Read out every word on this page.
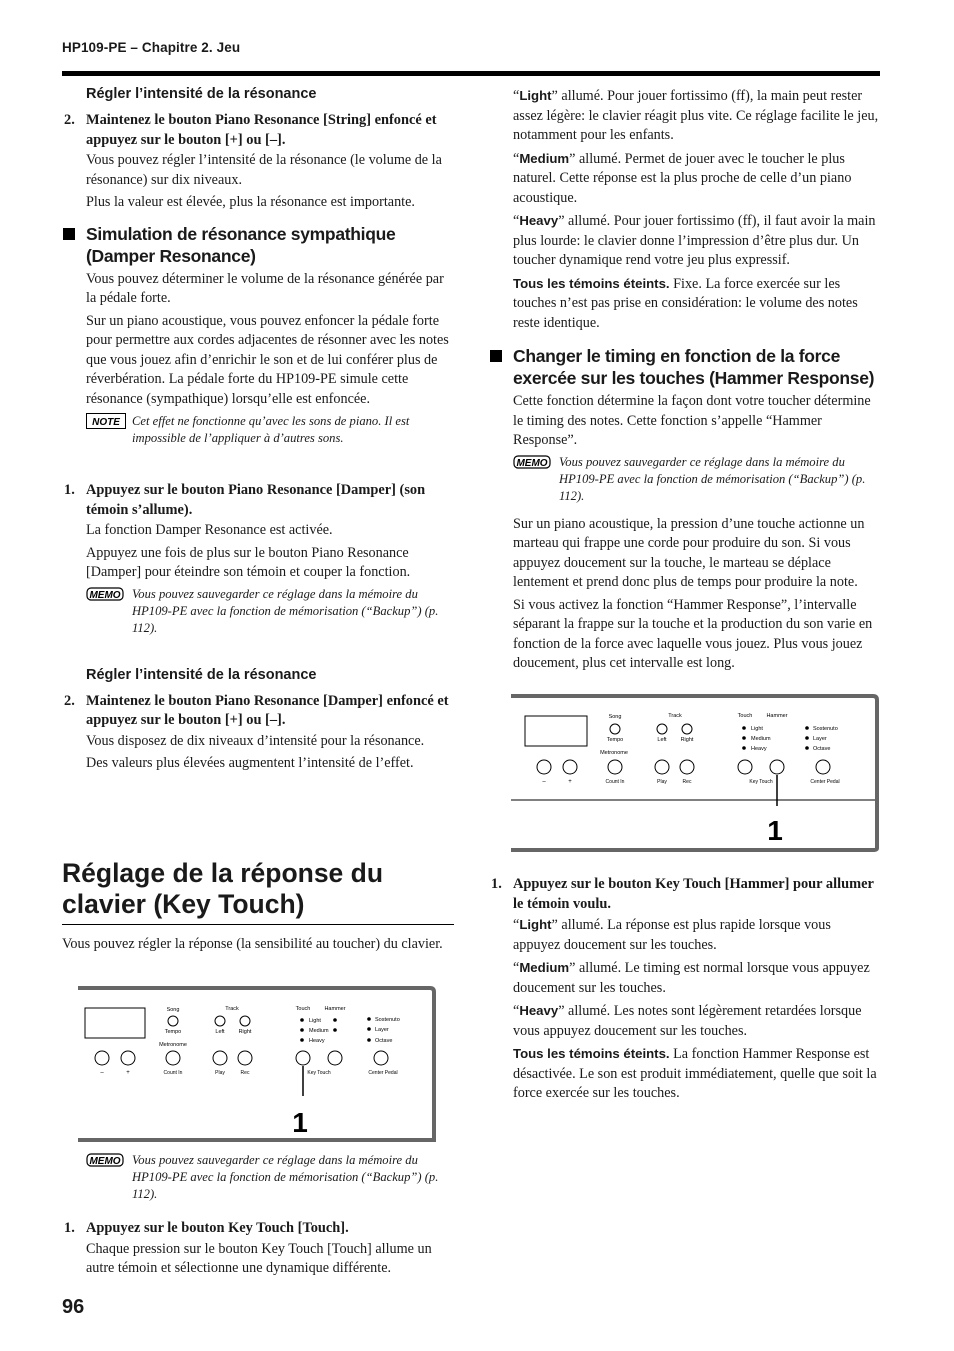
HP109-PE – Chapitre 2. Jeu
Régler l’intensité de la résonance
2. Maintenez le bouton Piano Resonance [String] enfoncé et appuyez sur le bouton [+] ou [–].

Vous pouvez régler l’intensité de la résonance (le volume de la résonance) sur dix niveaux.

Plus la valeur est élevée, plus la résonance est importante.

Simulation de résonance sympathique (Damper Resonance)

Vous pouvez déterminer le volume de la résonance générée par la pédale forte.

Sur un piano acoustique, vous pouvez enfoncer la pédale forte pour permettre aux cordes adjacentes de résonner avec les notes que vous jouez afin d’enrichir le son et de lui conférer plus de réverbération. La pédale forte du HP109-PE simule cette résonance (sympathique) lorsqu’elle est enfoncée.

NOTE Cet effet ne fonctionne qu’avec les sons de piano. Il est impossible de l’appliquer à d’autres sons.
1. Appuyez sur le bouton Piano Resonance [Damper] (son témoin s’allume).

La fonction Damper Resonance est activée.

Appuyez une fois de plus sur le bouton Piano Resonance [Damper] pour éteindre son témoin et couper la fonction.

MEMO Vous pouvez sauvegarder ce réglage dans la mémoire du HP109-PE avec la fonction de mémorisation (“Backup”) (p. 112).
Régler l’intensité de la résonance
2. Maintenez le bouton Piano Resonance [Damper] enfoncé et appuyez sur le bouton [+] ou [–].

Vous disposez de dix niveaux d’intensité pour la résonance.

Des valeurs plus élevées augmentent l’intensité de l’effet.

Réglage de la réponse du clavier (Key Touch)

Vous pouvez régler la réponse (la sensibilité au toucher) du clavier.

Song
Tempo
Track
Left	Right
Touch	Hammer
Light
Medium
Heavy
Sostenuto
Layer
Octave
Metronome
–	+	Count In	Play	Rec	Key Touch	Center Pedal
1
MEMO Vous pouvez sauvegarder ce réglage dans la mémoire du HP109-PE avec la fonction de mémorisation (“Backup”) (p. 112).
1. Appuyez sur le bouton Key Touch [Touch].

Chaque pression sur le bouton Key Touch [Touch] allume un autre témoin et sélectionne une dynamique différente.

96

“Light” allumé. Pour jouer fortissimo (ff), la main peut rester assez légère: le clavier réagit plus vite. Ce réglage facilite le jeu, notamment pour les enfants.

“Medium” allumé. Permet de jouer avec le toucher le plus naturel. Cette réponse est la plus proche de celle d’un piano acoustique.

“Heavy” allumé. Pour jouer fortissimo (ff), il faut avoir la main plus lourde: le clavier donne l’impression d’être plus dur. Un toucher dynamique rend votre jeu plus expressif.

Tous les témoins éteints. Fixe. La force exercée sur les touches n’est pas prise en considération: le volume des notes reste identique.

Changer le timing en fonction de la force exercée sur les touches (Hammer Response)

Cette fonction détermine la façon dont votre toucher détermine le timing des notes. Cette fonction s’appelle “Hammer Response”.

MEMO Vous pouvez sauvegarder ce réglage dans la mémoire du HP109-PE avec la fonction de mémorisation (“Backup”) (p. 112).

Sur un piano acoustique, la pression d’une touche actionne un marteau qui frappe une corde pour produire du son. Si vous appuyez doucement sur la touche, le marteau se déplace lentement et prend donc plus de temps pour produire la note.

Si vous activez la fonction “Hammer Response”, l’intervalle séparant la frappe sur la touche et la production du son varie en fonction de la force avec laquelle vous jouez. Plus vous jouez doucement, plus cet intervalle est long.

Song
Tempo
Track
Left	Right
Touch	Hammer
Light
Medium
Heavy
Sostenuto
Layer
Octave
Metronome
–	+	Count In	Play	Rec	Key Touch	Center Pedal
1
1. Appuyez sur le bouton Key Touch [Hammer] pour allumer le témoin voulu.

“Light” allumé. La réponse est plus rapide lorsque vous appuyez doucement sur les touches.

“Medium” allumé. Le timing est normal lorsque vous appuyez doucement sur les touches.

“Heavy” allumé. Les notes sont légèrement retardées lorsque vous appuyez doucement sur les touches.

Tous les témoins éteints. La fonction Hammer Response est désactivée. Le son est produit immédiatement, quelle que soit la force exercée sur les touches.
